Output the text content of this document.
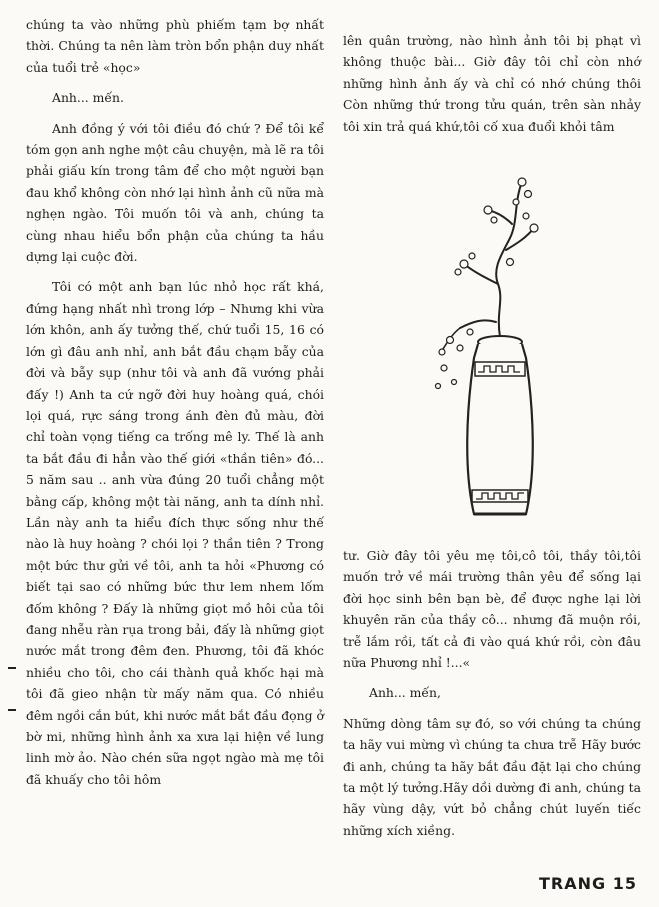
chúng ta vào những phù phiếm tạm bợ nhất thời. Chúng ta nên làm tròn bổn phận duy nhất của tuổi trẻ «học»

Anh... mến.

Anh đồng ý với tôi điều đó chứ ? Để tôi kể tóm gọn anh nghe một câu chuyện, mà lẽ ra tôi phải giấu kín trong tâm để cho một người bạn đau khổ không còn nhớ lại hình ảnh cũ nữa mà nghẹn ngào. Tôi muốn tôi và anh, chúng ta cùng nhau hiểu bổn phận của chúng ta hầu dựng lại cuộc đời.

Tôi có một anh bạn lúc nhỏ học rất khá, đứng hạng nhất nhì trong lớp – Nhưng khi vừa lớn khôn, anh ấy tưởng thế, chứ tuổi 15, 16 có lớn gì đâu anh nhỉ, anh bắt đầu chạm bẫy của đời và bẫy sụp (như tôi và anh đã vướng phải đấy !) Anh ta cứ ngỡ đời huy hoàng quá, chói lọi quá, rực sáng trong ánh đèn đủ màu, đời chỉ toàn vọng tiếng ca trống mê ly. Thế là anh ta bắt đầu đi hẳn vào thế giới «thần tiên» đó... 5 năm sau .. anh vừa đúng 20 tuổi chẳng một bằng cấp, không một tài năng, anh ta dính nhỉ. Lần này anh ta hiểu đích thực sống như thế nào là huy hoàng ? chói lọi ? thần tiên ? Trong một bức thư gửi về tôi, anh ta hỏi «Phương có biết tại sao có những bức thư lem nhem lốm đốm không ? Đấy là những giọt mồ hôi của tôi đang nhễu ràn rụa trong bải, đấy là những giọt nước mắt trong đêm đen. Phương, tôi đã khóc nhiều cho tôi, cho cái thành quả khốc hại mà tôi đã gieo nhận từ mấy năm qua. Có nhiều đêm ngồi cắn bút, khi nước mắt bắt đầu đọng ở bờ mi, những hình ảnh xa xưa lại hiện về lung linh mờ ảo. Nào chén sữa ngọt ngào mà mẹ tôi đã khuấy cho tôi hôm

lên quân trường, nào hình ảnh tôi bị phạt vì không thuộc bài... Giờ đây tôi chỉ còn nhớ những hình ảnh ấy và chỉ có nhớ chúng thôi Còn những thứ trong tửu quán, trên sàn nhảy tôi xin trả quá khứ,tôi cố xua đuổi khỏi tâm

tư. Giờ đây tôi yêu mẹ tôi,cô tôi, thầy tôi,tôi muốn trở về mái trường thân yêu để sống lại đời học sinh bên bạn bè, để được nghe lại lời khuyên răn của thầy cô... nhưng đã muộn rồi, trễ lắm rồi, tất cả đi vào quá khứ rồi, còn đâu nữa Phương nhỉ !...«

Anh... mến,

Những dòng tâm sự đó, so với chúng ta chúng ta hãy vui mừng vì chúng ta chưa trễ Hãy bước đi anh, chúng ta hãy bắt đầu đặt lại cho chúng ta một lý tưởng.Hãy dồi dường đi anh, chúng ta hãy vùng dậy, vứt bỏ chẳng chút luyến tiếc những xích xiềng.

TRANG 15
